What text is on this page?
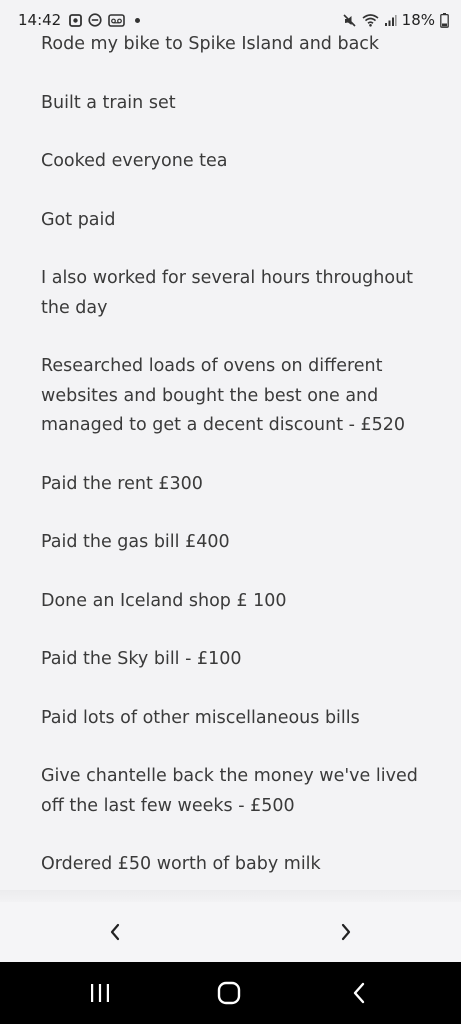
14:42	18%
Rode my bike to Spike Island and back
Built a train set
Cooked everyone tea
Got paid
I also worked for several hours throughout the day
Researched loads of ovens on different websites and bought the best one and managed to get a decent discount - £520
Paid the rent £300
Paid the gas bill £400
Done an Iceland shop £ 100
Paid the Sky bill - £100
Paid lots of other miscellaneous bills
Give chantelle back the money we've lived off the last few weeks - £500
Ordered £50 worth of baby milk
